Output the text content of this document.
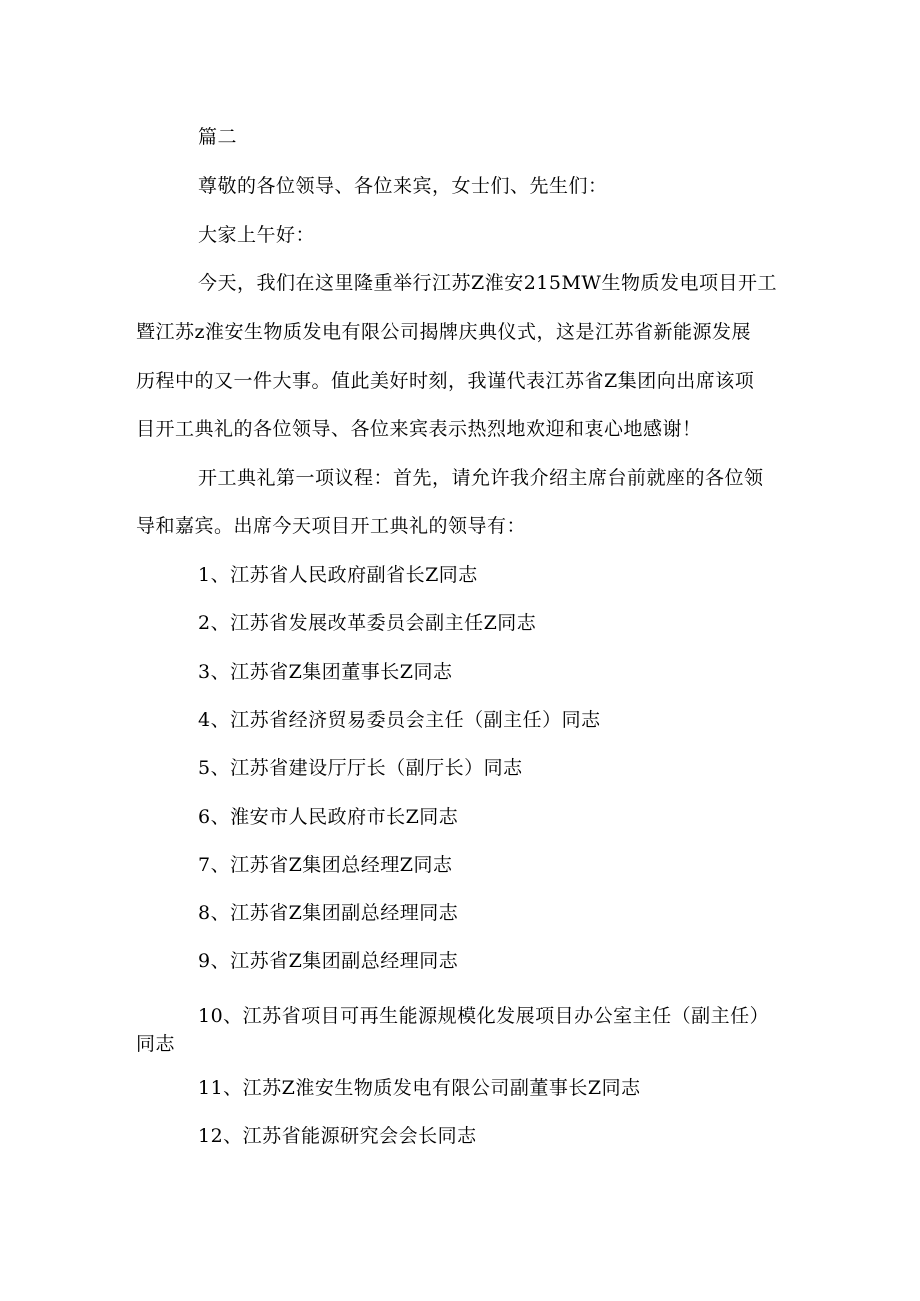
篇二
尊敬的各位领导、各位来宾，女士们、先生们：
大家上午好：
今天，我们在这里隆重举行江苏Z淮安215MW生物质发电项目开工
暨江苏z淮安生物质发电有限公司揭牌庆典仪式，这是江苏省新能源发展
历程中的又一件大事。值此美好时刻，我谨代表江苏省Z集团向出席该项
目开工典礼的各位领导、各位来宾表示热烈地欢迎和衷心地感谢！
开工典礼第一项议程：首先，请允许我介绍主席台前就座的各位领
导和嘉宾。出席今天项目开工典礼的领导有：
1、江苏省人民政府副省长Z同志
2、江苏省发展改革委员会副主任Z同志
3、江苏省Z集团董事长Z同志
4、江苏省经济贸易委员会主任（副主任）同志
5、江苏省建设厅厅长（副厅长）同志
6、淮安市人民政府市长Z同志
7、江苏省Z集团总经理Z同志
8、江苏省Z集团副总经理同志
9、江苏省Z集团副总经理同志
10、江苏省项目可再生能源规模化发展项目办公室主任（副主任）
同志
11、江苏Z淮安生物质发电有限公司副董事长Z同志
12、江苏省能源研究会会长同志
